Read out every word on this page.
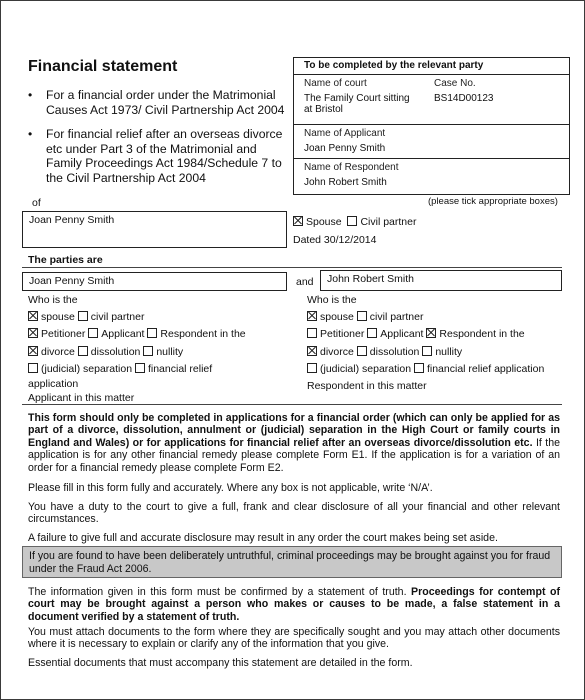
Financial statement
• For a financial order under the Matrimonial Causes Act 1973/ Civil Partnership Act 2004
• For financial relief after an overseas divorce etc under Part 3 of the Matrimonial and Family Proceedings Act 1984/Schedule 7 to the Civil Partnership Act 2004
To be completed by the relevant party
Name of court
The Family Court sitting at Bristol
Case No.
BS14D00123
Name of Applicant
Joan Penny Smith
Name of Respondent
John Robert Smith
(please tick appropriate boxes)
of
Joan Penny Smith	Spouse Civil partner
Dated 30/12/2014
The parties are
Joan Penny Smith	and	John Robert Smith
Who is the
spouse civil partner
Petitioner Applicant Respondent in the
divorce dissolution nullity
(judicial) separation financial relief
application
Applicant in this matter
Who is the
spouse civil partner
Petitioner Applicant Respondent in the
divorce dissolution nullity
(judicial) separation financial relief application
Respondent in this matter
This form should only be completed in applications for a financial order (which can only be applied for as part of a divorce, dissolution, annulment or (judicial) separation in the High Court or family courts in England and Wales) or for applications for financial relief after an overseas divorce/dissolution etc. If the application is for any other financial remedy please complete Form E1. If the application is for a variation of an order for a financial remedy please complete Form E2.
Please fill in this form fully and accurately. Where any box is not applicable, write ‘N/A’.
You have a duty to the court to give a full, frank and clear disclosure of all your financial and other relevant circumstances.
A failure to give full and accurate disclosure may result in any order the court makes being set aside.
If you are found to have been deliberately untruthful, criminal proceedings may be brought against you for fraud under the Fraud Act 2006.
The information given in this form must be confirmed by a statement of truth. Proceedings for contempt of court may be brought against a person who makes or causes to be made, a false statement in a document verified by a statement of truth.
You must attach documents to the form where they are specifically sought and you may attach other documents where it is necessary to explain or clarify any of the information that you give.
Essential documents that must accompany this statement are detailed in the form.
